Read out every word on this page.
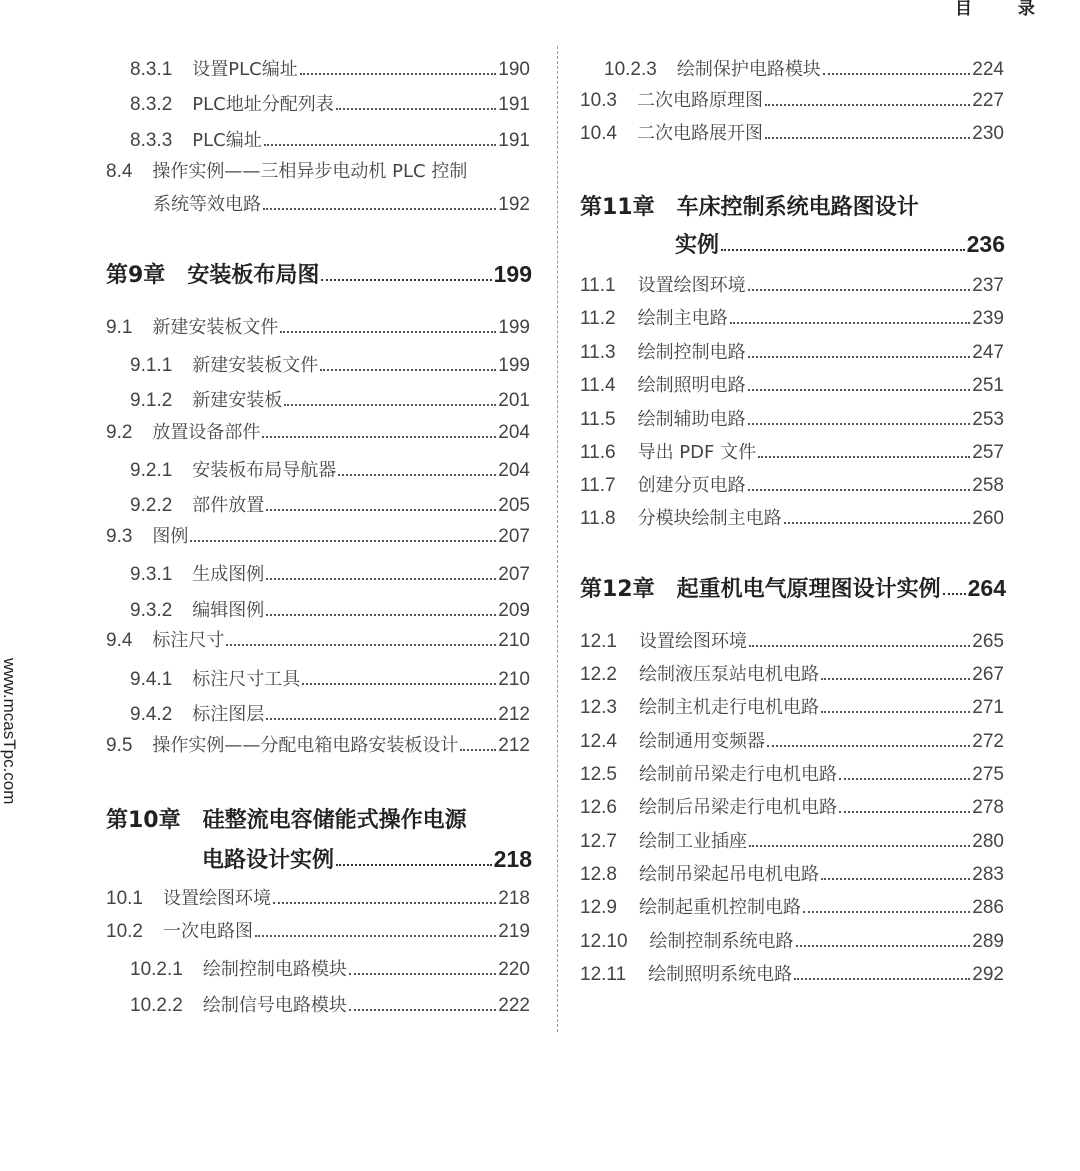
目 录
www.mcasTpc.com
8.3.1 设置PLC编址	190
8.3.2 PLC地址分配列表	191
8.3.3 PLC编址	191
8.4 操作实例——三相异步电动机 PLC 控制
系统等效电路	192
第9章 安装板布局图	199
9.1 新建安装板文件	199
9.1.1 新建安装板文件	199
9.1.2 新建安装板	201
9.2 放置设备部件	204
9.2.1 安装板布局导航器	204
9.2.2 部件放置	205
9.3 图例	207
9.3.1 生成图例	207
9.3.2 编辑图例	209
9.4 标注尺寸	210
9.4.1 标注尺寸工具	210
9.4.2 标注图层	212
9.5 操作实例——分配电箱电路安装板设计 212
第10章 硅整流电容储能式操作电源
电路设计实例	218
10.1 设置绘图环境	218
10.2 一次电路图	219
10.2.1 绘制控制电路模块	220
10.2.2 绘制信号电路模块	222
10.2.3 绘制保护电路模块	224
10.3 二次电路原理图	227
10.4 二次电路展开图	230
第11章 车床控制系统电路图设计
实例	236
11.1 设置绘图环境	237
11.2 绘制主电路	239
11.3 绘制控制电路	247
11.4 绘制照明电路	251
11.5 绘制辅助电路	253
11.6 导出 PDF 文件	257
11.7 创建分页电路	258
11.8 分模块绘制主电路	260
第12章 起重机电气原理图设计实例 264
12.1 设置绘图环境	265
12.2 绘制液压泵站电机电路	267
12.3 绘制主机走行电机电路	271
12.4 绘制通用变频器	272
12.5 绘制前吊梁走行电机电路	275
12.6 绘制后吊梁走行电机电路	278
12.7 绘制工业插座	280
12.8 绘制吊梁起吊电机电路	283
12.9 绘制起重机控制电路	286
12.10 绘制控制系统电路	289
12.11 绘制照明系统电路	292
